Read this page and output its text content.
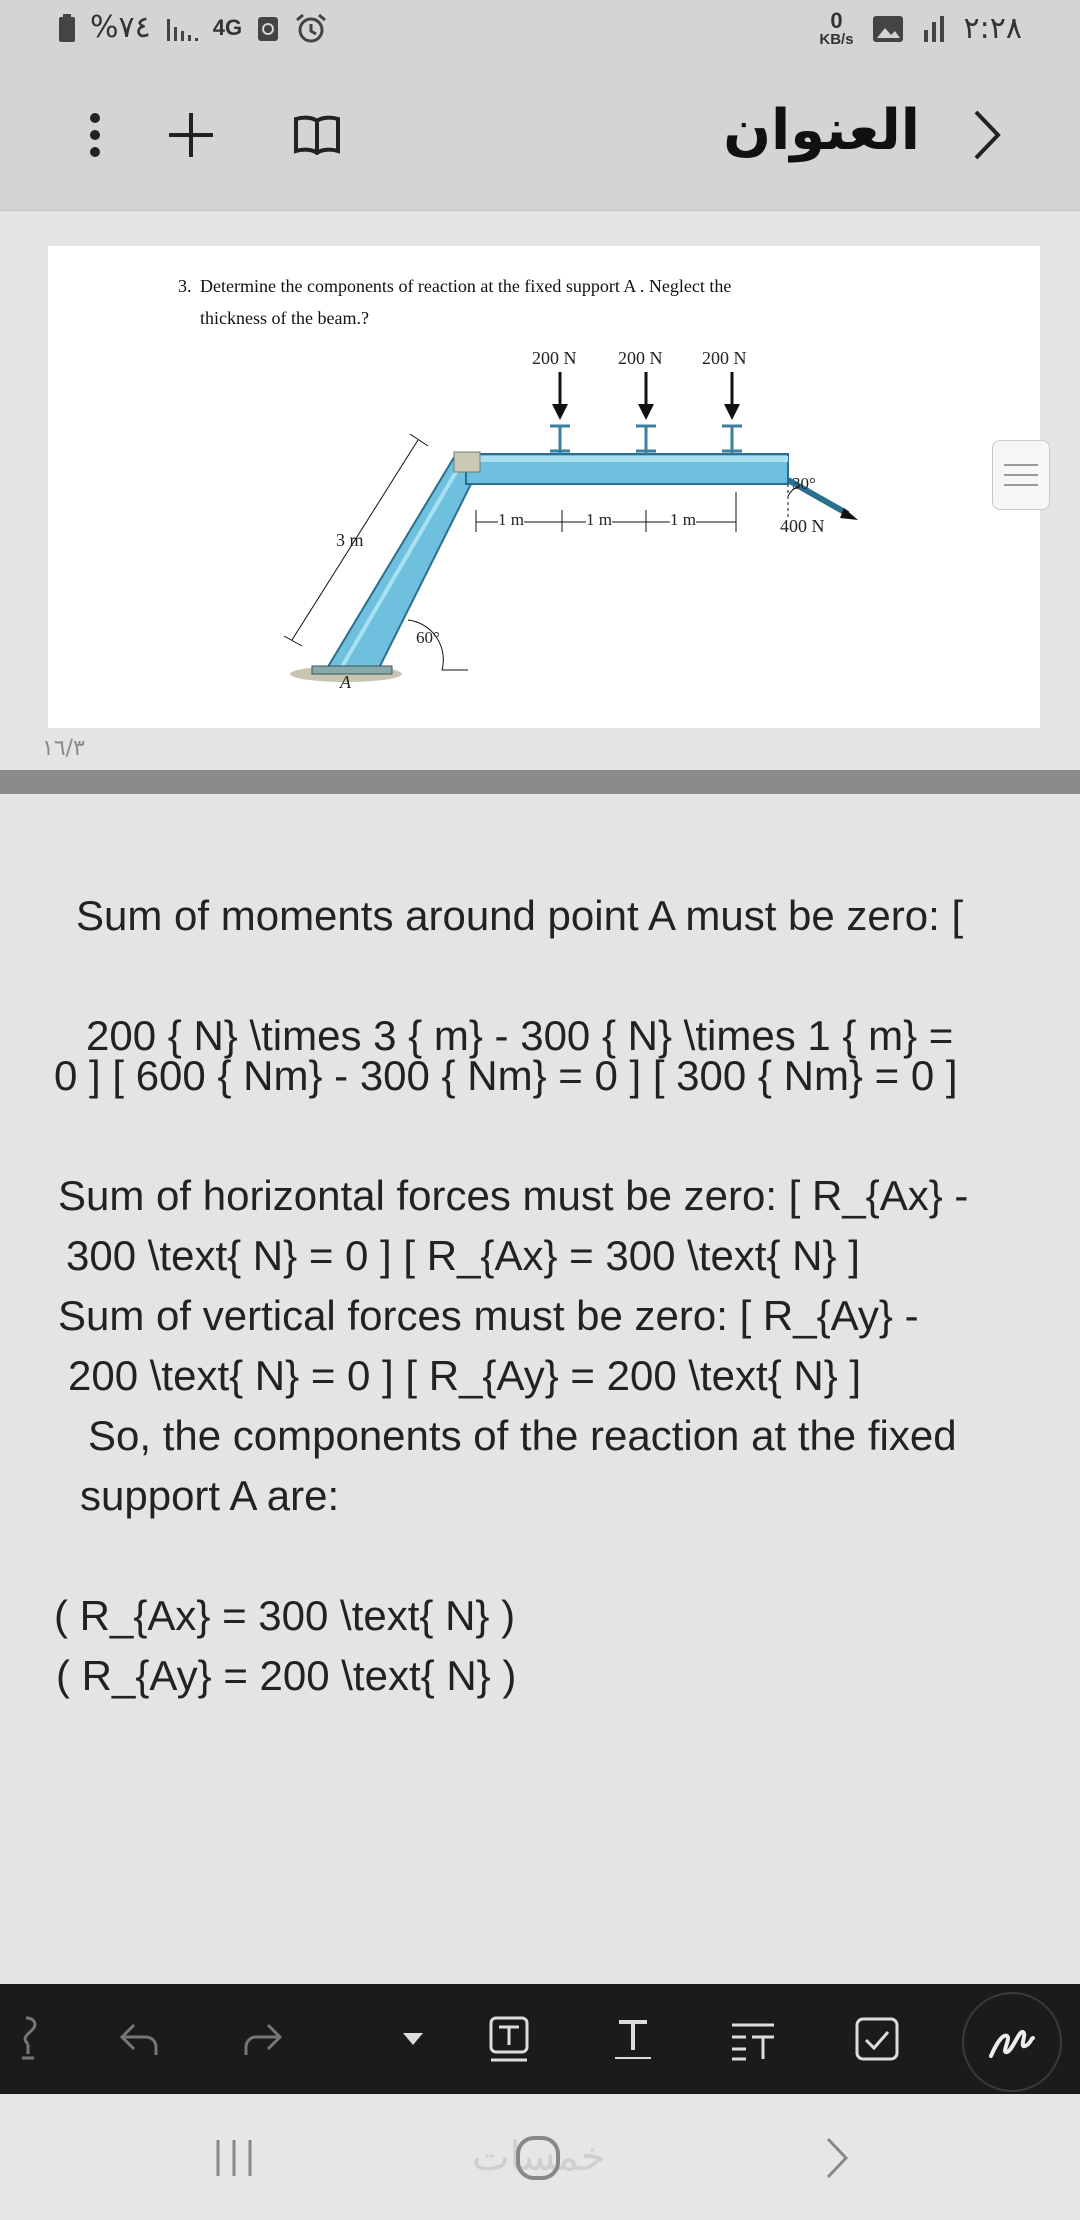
%٧٤	4G	0
KB/s	٢:٢٨
العنوان
3. Determine the components of reaction at the fixed support A . Neglect the thickness of the beam.?
200 N 200 N 200 N
1 m	1 m	1 m
30°
400 N
3 m
60°
A
١٦/٣
Sum of moments around point A must be zero: [
200 { N} \times 3 { m} - 300 { N} \times 1 { m} =
0 ] [ 600 { Nm} - 300 { Nm} = 0 ] [ 300 { Nm} = 0 ]
Sum of horizontal forces must be zero: [ R_{Ax} -
300 \text{ N} = 0 ] [ R_{Ax} = 300 \text{ N} ]
Sum of vertical forces must be zero: [ R_{Ay} -
200 \text{ N} = 0 ] [ R_{Ay} = 200 \text{ N} ]
So, the components of the reaction at the fixed
support A are:
( R_{Ax} = 300 \text{ N} )
( R_{Ay} = 200 \text{ N} )
خمسات
